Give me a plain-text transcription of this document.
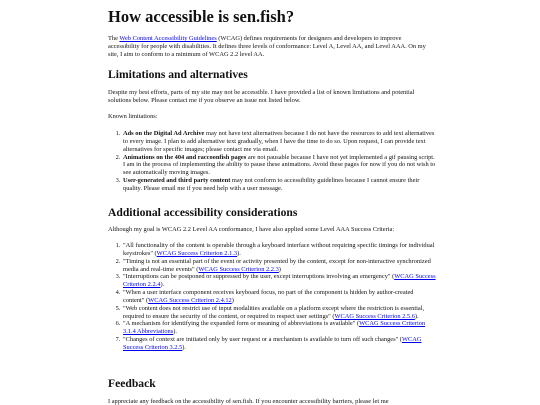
How accessible is sen.fish?

The Web Content Accessibility Guidelines (WCAG) defines requirements for designers and developers to improve accessibility for people with disabilities. It defines three levels of conformance: Level A, Level AA, and Level AAA. On my site, I aim to conform to a minimum of WCAG 2.2 level AA.

Limitations and alternatives

Despite my best efforts, parts of my site may not be accessible. I have provided a list of known limitations and potential solutions below. Please contact me if you observe an issue not listed below.

Known limitations:

1. Ads on the Digital Ad Archive may not have text alternatives because I do not have the resources to add text alternatives to every image. I plan to add alternative text gradually, when I have the time to do so. Upon request, I can provide text alternatives for specific images; please contact me via email.
2. Animations on the 404 and raccoonfish pages are not pausable because I have not yet implemented a gif pausing script. I am in the process of implementing the ability to pause these animations. Avoid these pages for now if you do not wish to see automatically moving images.
3. User-generated and third party content may not conform to accessibility guidelines because I cannot ensure their quality. Please email me if you need help with a user message.
Additional accessibility considerations

Although my goal is WCAG 2.2 Level AA conformance, I have also applied some Level AAA Success Criteria:

1. "All functionality of the content is operable through a keyboard interface without requiring specific timings for individual keystrokes" (WCAG Success Criterion 2.1.3).
2. "Timing is not an essential part of the event or activity presented by the content, except for non-interactive synchronized media and real-time events" (WCAG Success Criterion 2.2.3)
3. "Interruptions can be postponed or suppressed by the user, except interruptions involving an emergency" (WCAG Success Criterion 2.2.4).
4. "When a user interface component receives keyboard focus, no part of the component is hidden by author-created content" (WCAG Success Criterion 2.4.12)
5. "Web content does not restrict use of input modalities available on a platform except where the restriction is essential, required to ensure the security of the content, or required to respect user settings" (WCAG Success Criterion 2.5.6).
6. "A mechanism for identifying the expanded form or meaning of abbreviations is available" (WCAG Success Criterion 3.1.4 Abbreviations).
7. "Changes of context are initiated only by user request or a mechanism is available to turn off such changes" (WCAG Success Criterion 3.2.5).
Feedback

I appreciate any feedback on the accessibility of sen.fish. If you encounter accessibility barriers, please let me
